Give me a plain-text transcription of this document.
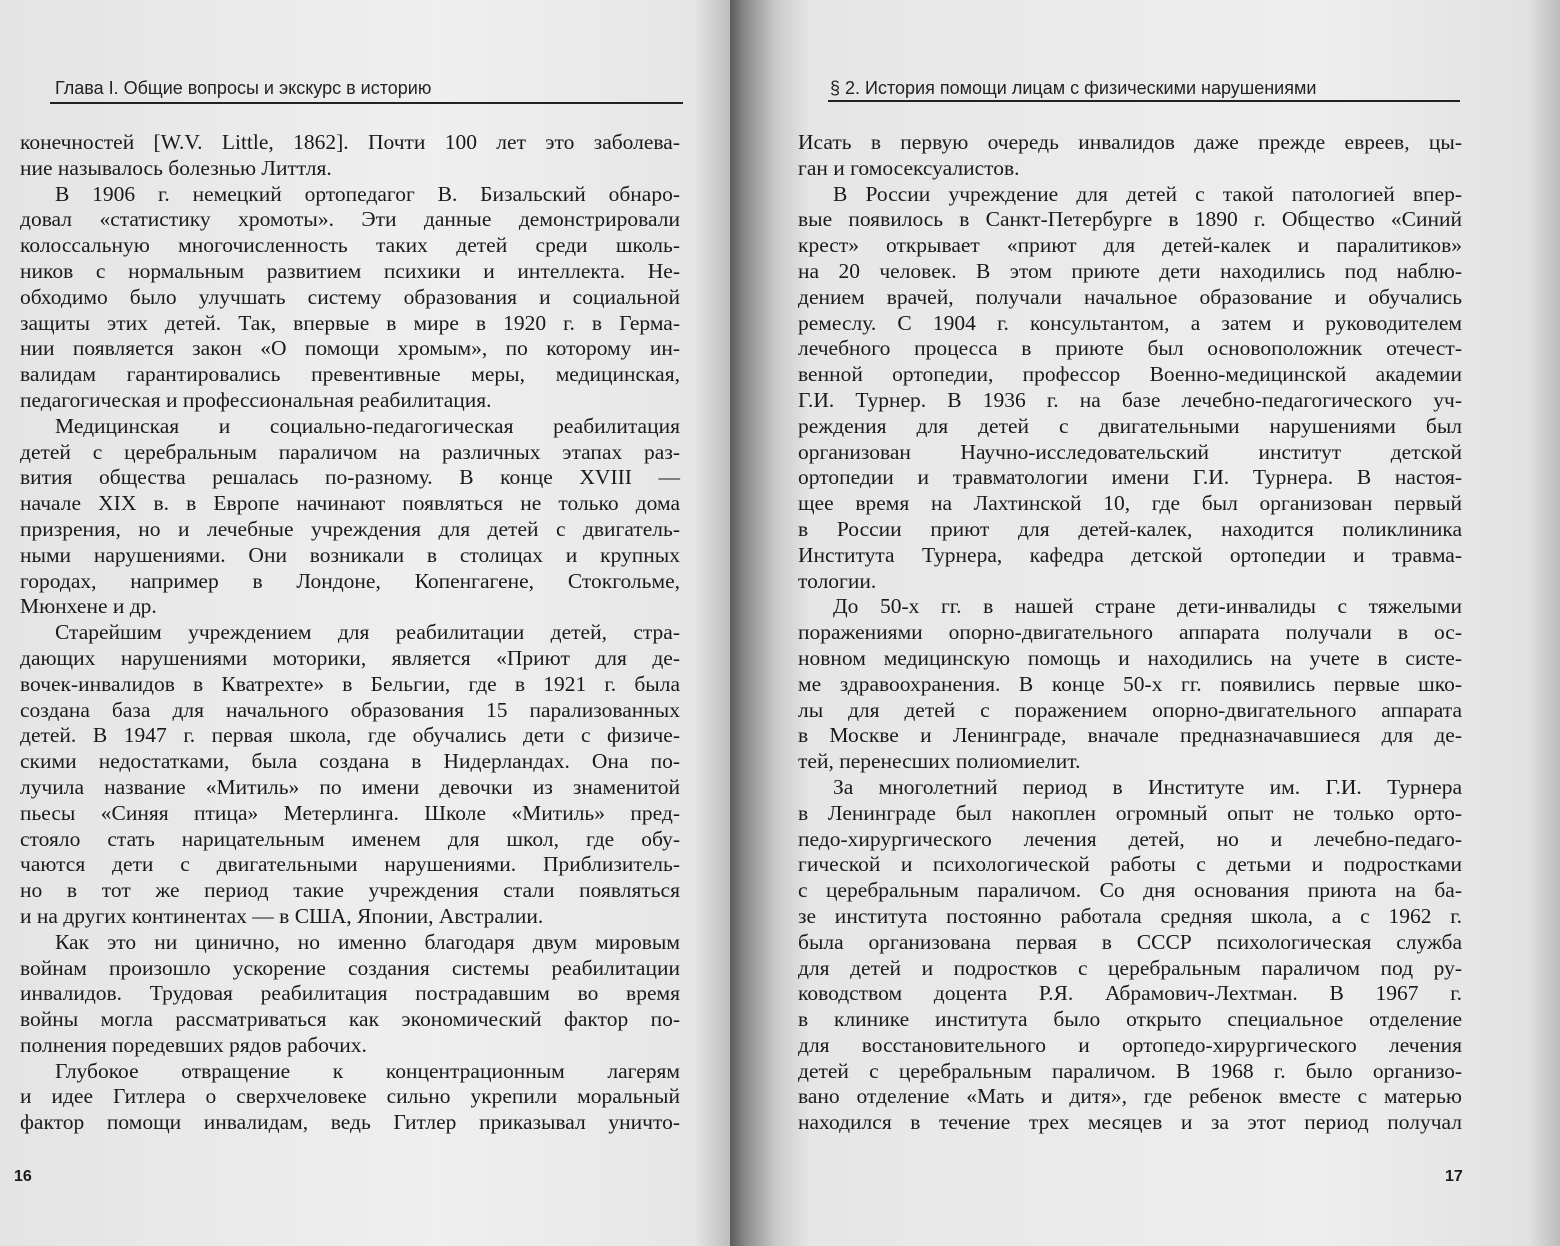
Глава I. Общие вопросы и экскурс в историю
конечностей [W.V. Little, 1862]. Почти 100 лет это заболева-
ние называлось болезнью Литтля.
В 1906 г. немецкий ортопедагог В. Бизальский обнаро-
довал «статистику хромоты». Эти данные демонстрировали
колоссальную многочисленность таких детей среди школь-
ников с нормальным развитием психики и интеллекта. Не-
обходимо было улучшать систему образования и социальной
защиты этих детей. Так, впервые в мире в 1920 г. в Герма-
нии появляется закон «О помощи хромым», по которому ин-
валидам гарантировались превентивные меры, медицинская,
педагогическая и профессиональная реабилитация.
Медицинская и социально-педагогическая реабилитация
детей с церебральным параличом на различных этапах раз-
вития общества решалась по-разному. В конце XVIII —
начале XIX в. в Европе начинают появляться не только дома
призрения, но и лечебные учреждения для детей с двигатель-
ными нарушениями. Они возникали в столицах и крупных
городах, например в Лондоне, Копенгагене, Стокгольме,
Мюнхене и др.
Старейшим учреждением для реабилитации детей, стра-
дающих нарушениями моторики, является «Приют для де-
вочек-инвалидов в Кватрехте» в Бельгии, где в 1921 г. была
создана база для начального образования 15 парализованных
детей. В 1947 г. первая школа, где обучались дети с физиче-
скими недостатками, была создана в Нидерландах. Она по-
лучила название «Митиль» по имени девочки из знаменитой
пьесы «Синяя птица» Метерлинга. Школе «Митиль» пред-
стояло стать нарицательным именем для школ, где обу-
чаются дети с двигательными нарушениями. Приблизитель-
но в тот же период такие учреждения стали появляться
и на других континентах — в США, Японии, Австралии.
Как это ни цинично, но именно благодаря двум мировым
войнам произошло ускорение создания системы реабилитации
инвалидов. Трудовая реабилитация пострадавшим во время
войны могла рассматриваться как экономический фактор по-
полнения поредевших рядов рабочих.
Глубокое отвращение к концентрационным лагерям
и идее Гитлера о сверхчеловеке сильно укрепили моральный
фактор помощи инвалидам, ведь Гитлер приказывал уничто-
16
§ 2. История помощи лицам с физическими нарушениями
Исать в первую очередь инвалидов даже прежде евреев, цы-
ган и гомосексуалистов.
В России учреждение для детей с такой патологией впер-
вые появилось в Санкт-Петербурге в 1890 г. Общество «Синий
крест» открывает «приют для детей-калек и паралитиков»
на 20 человек. В этом приюте дети находились под наблю-
дением врачей, получали начальное образование и обучались
ремеслу. С 1904 г. консультантом, а затем и руководителем
лечебного процесса в приюте был основоположник отечест-
венной ортопедии, профессор Военно-медицинской академии
Г.И. Турнер. В 1936 г. на базе лечебно-педагогического уч-
реждения для детей с двигательными нарушениями был
организован Научно-исследовательский институт детской
ортопедии и травматологии имени Г.И. Турнера. В настоя-
щее время на Лахтинской 10, где был организован первый
в России приют для детей-калек, находится поликлиника
Института Турнера, кафедра детской ортопедии и травма-
тологии.
До 50-х гг. в нашей стране дети-инвалиды с тяжелыми
поражениями опорно-двигательного аппарата получали в ос-
новном медицинскую помощь и находились на учете в систе-
ме здравоохранения. В конце 50-х гг. появились первые шко-
лы для детей с поражением опорно-двигательного аппарата
в Москве и Ленинграде, вначале предназначавшиеся для де-
тей, перенесших полиомиелит.
За многолетний период в Институте им. Г.И. Турнера
в Ленинграде был накоплен огромный опыт не только орто-
педо-хирургического лечения детей, но и лечебно-педаго-
гической и психологической работы с детьми и подростками
с церебральным параличом. Со дня основания приюта на ба-
зе института постоянно работала средняя школа, а с 1962 г.
была организована первая в СССР психологическая служба
для детей и подростков с церебральным параличом под ру-
ководством доцента Р.Я. Абрамович-Лехтман. В 1967 г.
в клинике института было открыто специальное отделение
для восстановительного и ортопедо-хирургического лечения
детей с церебральным параличом. В 1968 г. было организо-
вано отделение «Мать и дитя», где ребенок вместе с матерью
находился в течение трех месяцев и за этот период получал
17
